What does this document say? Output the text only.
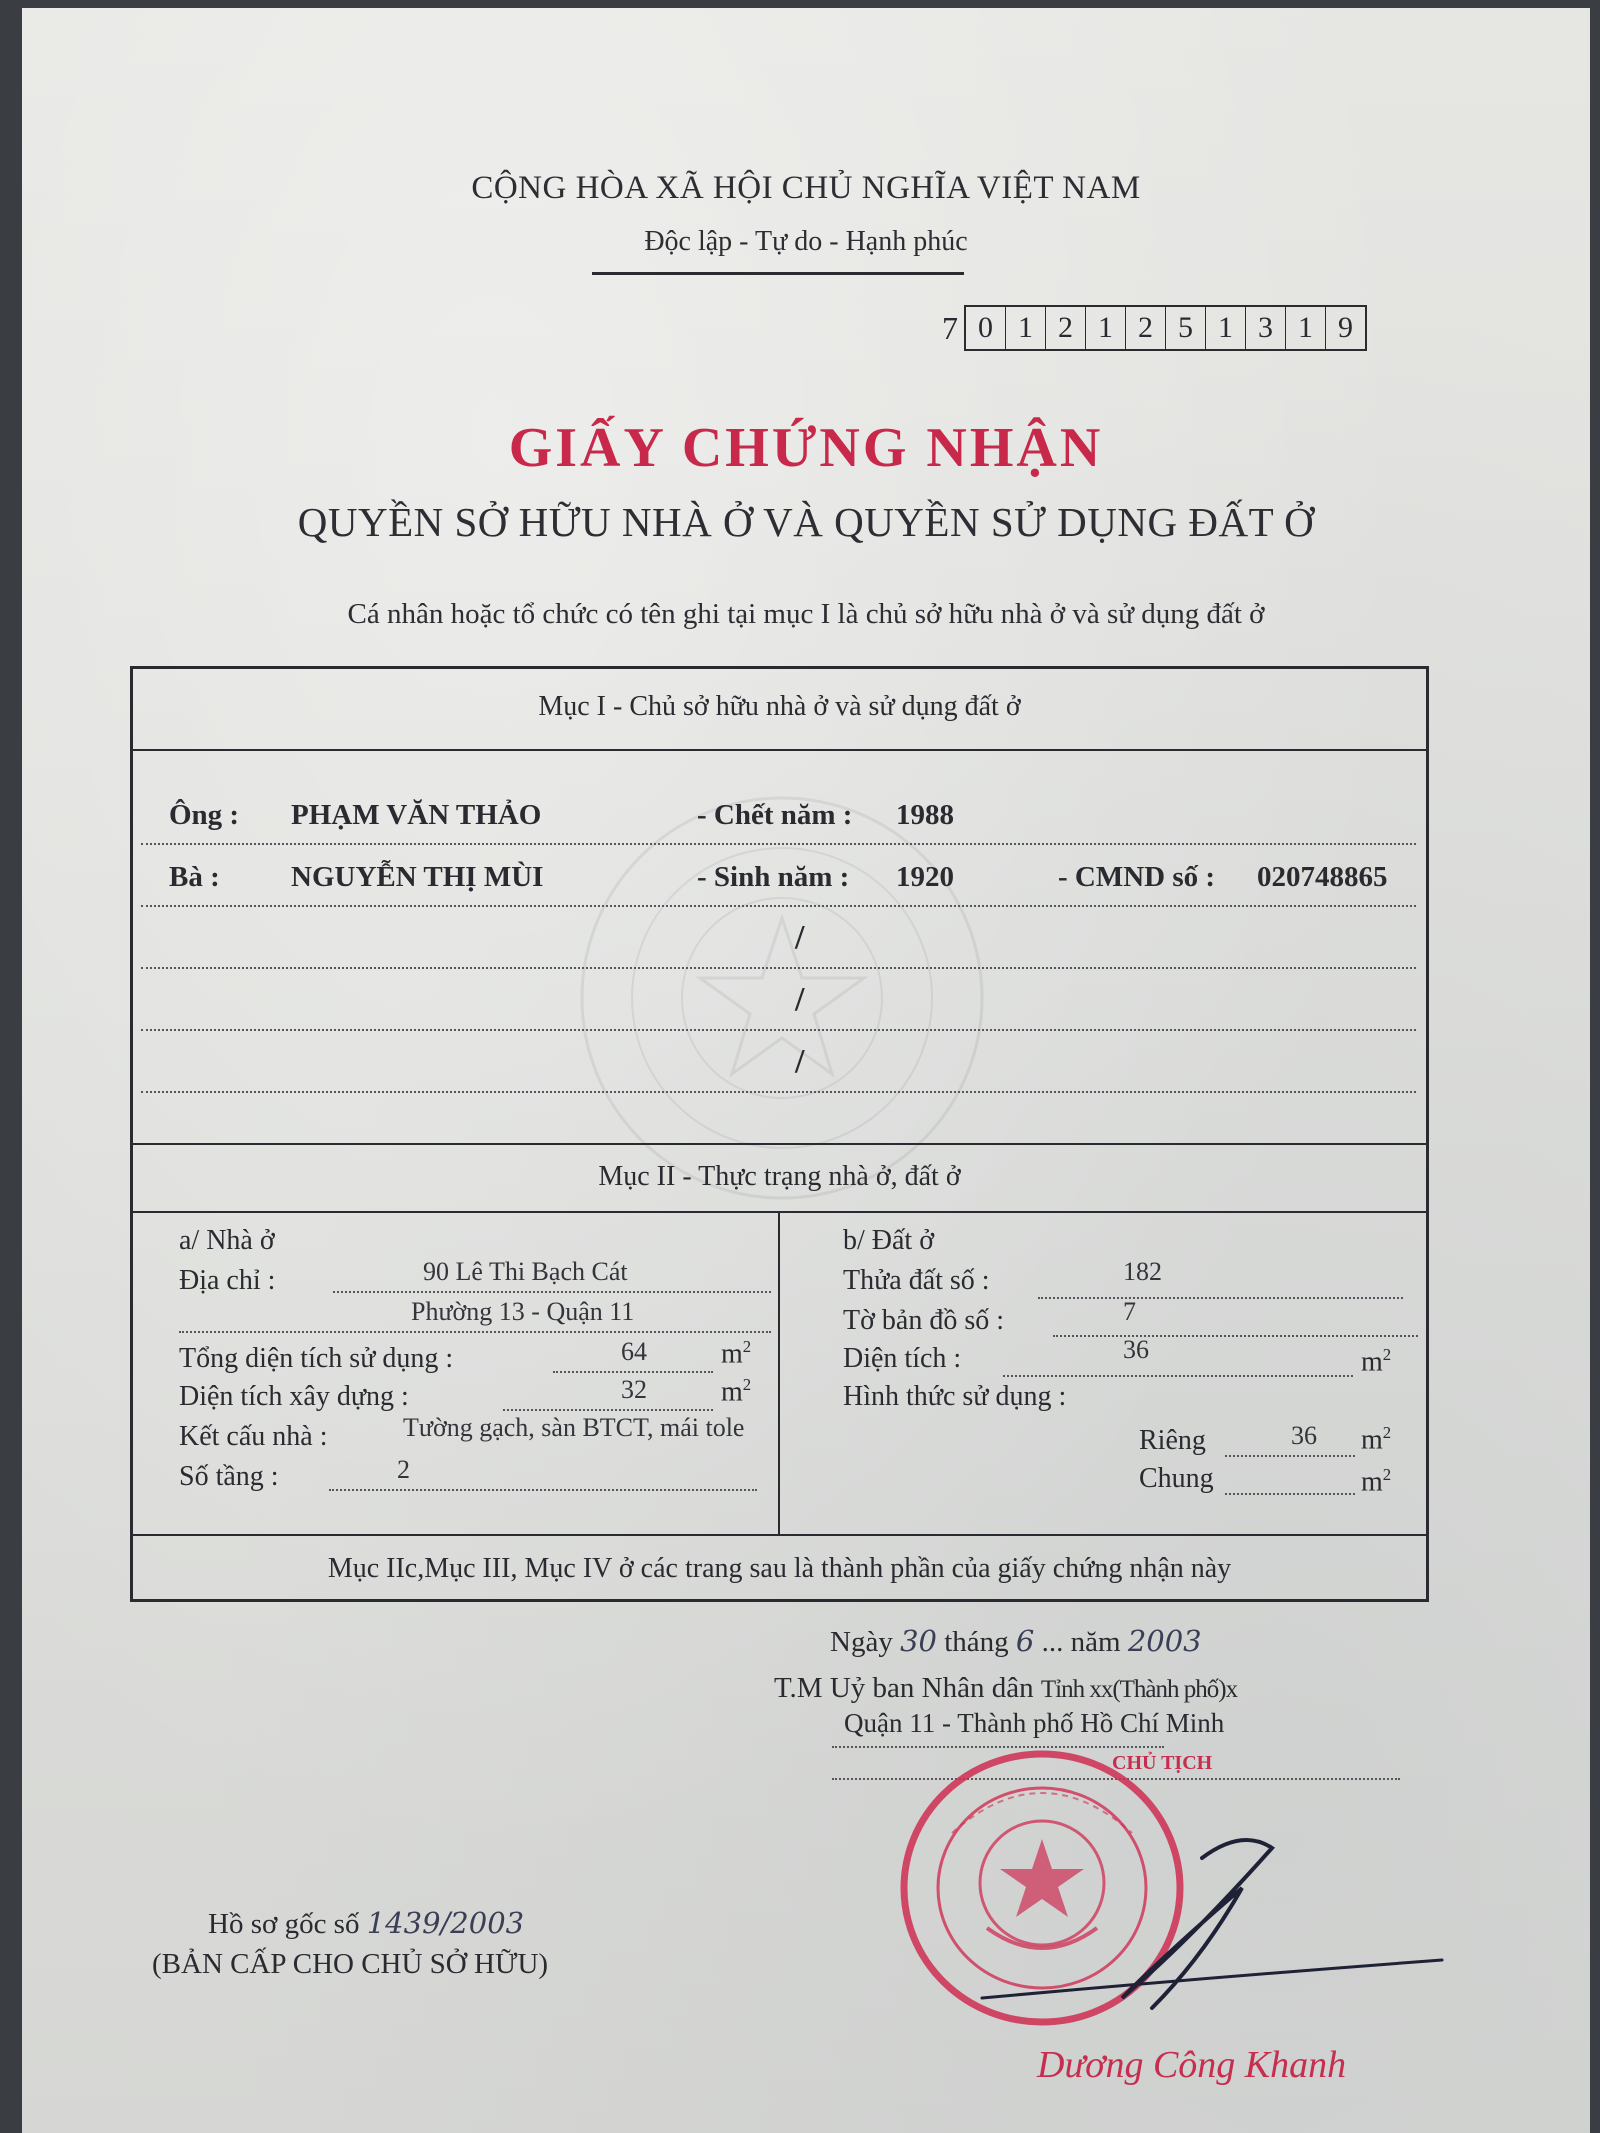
CỘNG HÒA XÃ HỘI CHỦ NGHĨA VIỆT NAM
Độc lập - Tự do - Hạnh phúc
7 0 1 2 1 2 5 1 3 1 9
GIẤY CHỨNG NHẬN
QUYỀN SỞ HỮU NHÀ Ở VÀ QUYỀN SỬ DỤNG ĐẤT Ở
Cá nhân hoặc tổ chức có tên ghi tại mục I là chủ sở hữu nhà ở và sử dụng đất ở
Mục I - Chủ sở hữu nhà ở và sử dụng đất ở
Ông : PHẠM VĂN THẢO	- Chết năm : 1988
Bà : NGUYỄN THỊ MÙI	- Sinh năm : 1920	- CMND số : 020748865
/
/
/
Mục II - Thực trạng nhà ở, đất ở
a/ Nhà ở
Địa chỉ :	90 Lê Thi Bạch Cát
Phường 13 - Quận 11
Tổng diện tích sử dụng :	64	$m^2$
Diện tích xây dựng :	32	$m^2$
Kết cấu nhà :	Tường gạch, sàn BTCT, mái tole
Số tầng :	2
b/ Đất ở
Thửa đất số :	182
Tờ bản đồ số :	7
Diện tích :	36	$m^2$
Hình thức sử dụng :
Riêng	36 $m^2$
Chung	$m^2$
Mục IIc,Mục III, Mục IV ở các trang sau là thành phần của giấy chứng nhận này
Ngày 30 tháng 6 ... năm 2003
T.M Uỷ ban Nhân dân Tỉnh xx(Thành phố)x
Quận 11 - Thành phố Hồ Chí Minh
CHỦ TỊCH
Dương Công Khanh
Hồ sơ gốc số 1439/2003
(BẢN CẤP CHO CHỦ SỞ HỮU)
